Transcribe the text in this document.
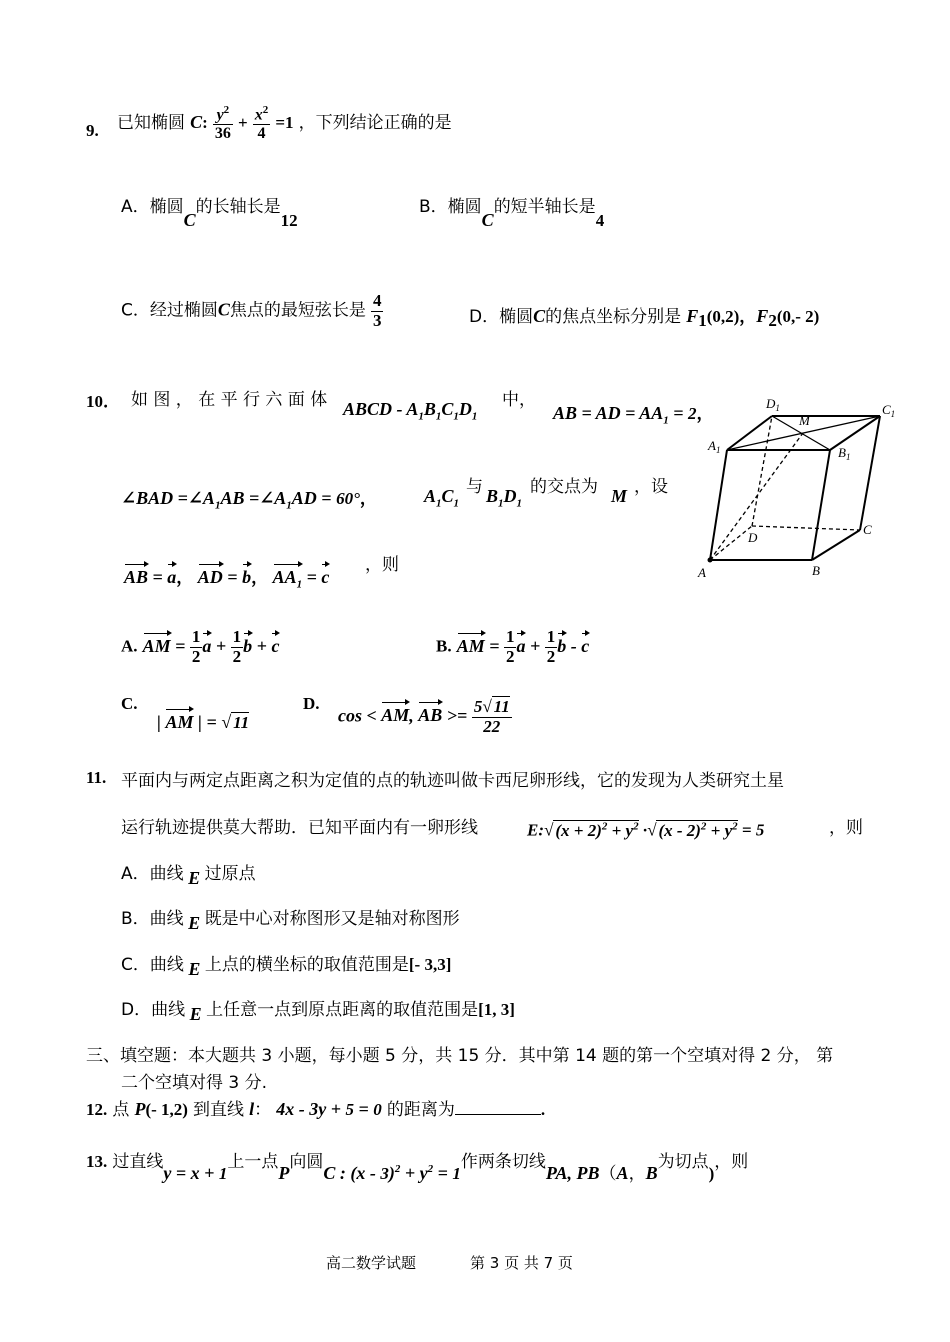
9. 已知椭圆 C: $\frac{y^2}{36} + \frac{x^2}{4} =1$ ，下列结论正确的是
A．椭圆C的长轴长是12
B．椭圆C的短半轴长是4
C．经过椭圆C焦点的最短弦长是 $\frac{4}{3}$	D．椭圆C的焦点坐标分别是 $F_1(0,2)$，$F_2(0,-$ 2)
10． 如 图 ， 在 平 行 六 面 体 ABCD - $A_1B_1C_1D_1$
中，
AB = AD = $AA_1 = 2$，
∠BAD $=\angle A_1AB$ $=\angle A_1AD = 60^\circ$，	$A_1C_1$
与 $B_1D_1$
的交点为 M ，设
AB = a， AD = b， $AA_1 = c$
，则
$D_1$
M
$C_1$
$A_1$	$B_1$
D
C
A	B
A. AM = $\frac{1}{2}$ $a + \frac{1}{2}$ b + c	B. AM = $\frac{1}{2}$ $a + \frac{1}{2}$ b - c
C.
| AM | = √ 11
D.
cos < AM, AB >= $\frac{5√ 11}{22}$
11. 平面内与两定点距离之积为定值的点的轨迹叫做卡西尼卵形线，它的发现为人类研究土星
运行轨迹提供莫大帮助．已知平面内有一卵形线	E:√ $(x + 2)^2 + y^2$ ·√ $(x - 2)^2 + y^2 = 5$	，则
A．曲线 E 过原点
B．曲线 E 既是中心对称图形又是轴对称图形
C．曲线 E 上点的横坐标的取值范围是[- 3,3]
D．曲线 E 上任意一点到原点距离的取值范围是[1, 3]
三、填空题：本大题共 3 小题，每小题 5 分，共 15 分．其中第 14 题的第一个空填对得 2 分， 第
二个空填对得 3 分.
12. 点 P(- 1,2) 到直线 l： 4x - 3y + 5 = 0 的距离为	.
13. 过直线y = x + 1上一点P向圆C : $(x - 3)^2 + y^2 = 1$作两条切线PA, PB（A，B为切点)，则
高二数学试题	第 3 页 共 7 页
